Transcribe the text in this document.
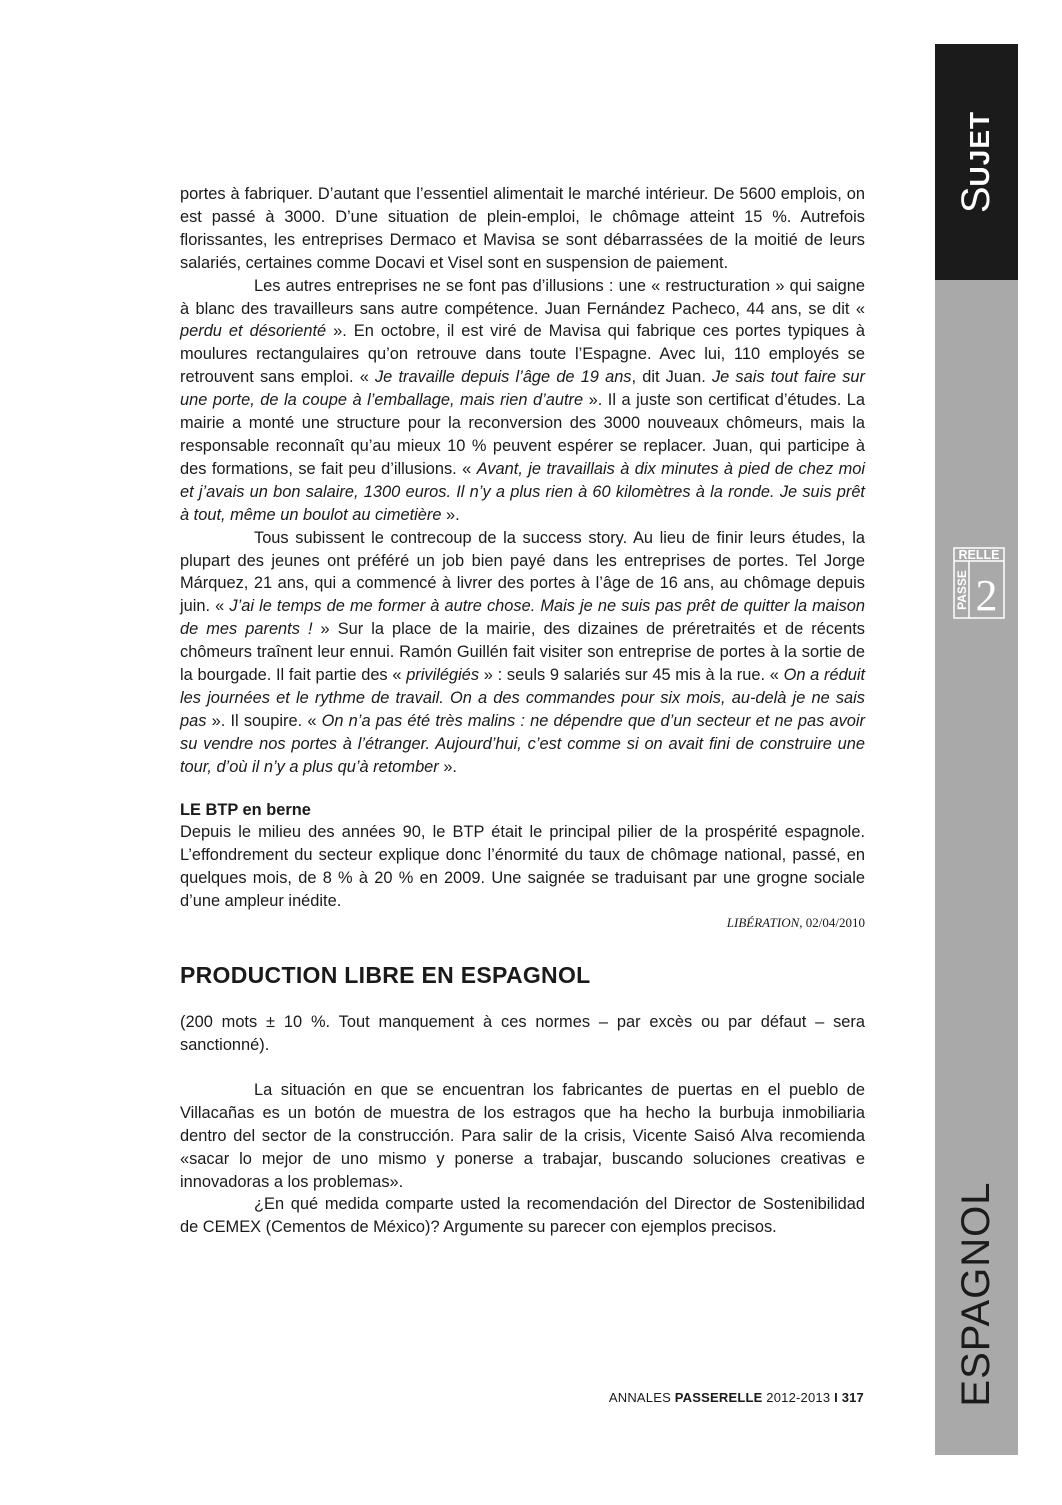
portes à fabriquer. D’autant que l’essentiel alimentait le marché intérieur. De 5600 emplois, on est passé à 3000. D’une situation de plein-emploi, le chômage atteint 15 %. Autrefois florissantes, les entreprises Dermaco et Mavisa se sont débarrassées de la moitié de leurs salariés, certaines comme Docavi et Visel sont en suspension de paiement.

Les autres entreprises ne se font pas d’illusions : une « restructuration » qui saigne à blanc des travailleurs sans autre compétence. Juan Fernández Pacheco, 44 ans, se dit « perdu et désorienté ». En octobre, il est viré de Mavisa qui fabrique ces portes typiques à moulures rectangulaires qu’on retrouve dans toute l’Espagne. Avec lui, 110 employés se retrouvent sans emploi. « Je travaille depuis l’âge de 19 ans, dit Juan. Je sais tout faire sur une porte, de la coupe à l’emballage, mais rien d’autre ». Il a juste son certificat d’études. La mairie a monté une structure pour la reconversion des 3000 nouveaux chômeurs, mais la responsable reconnaît qu’au mieux 10 % peuvent espérer se replacer. Juan, qui participe à des formations, se fait peu d’illusions. « Avant, je travaillais à dix minutes à pied de chez moi et j’avais un bon salaire, 1300 euros. Il n’y a plus rien à 60 kilomètres à la ronde. Je suis prêt à tout, même un boulot au cimetière ».

Tous subissent le contrecoup de la success story. Au lieu de finir leurs études, la plupart des jeunes ont préféré un job bien payé dans les entreprises de portes. Tel Jorge Márquez, 21 ans, qui a commencé à livrer des portes à l’âge de 16 ans, au chômage depuis juin. « J’ai le temps de me former à autre chose. Mais je ne suis pas prêt de quitter la maison de mes parents ! » Sur la place de la mairie, des dizaines de préretraités et de récents chômeurs traînent leur ennui. Ramón Guillén fait visiter son entreprise de portes à la sortie de la bourgade. Il fait partie des « privilégiés » : seuls 9 salariés sur 45 mis à la rue. « On a réduit les journées et le rythme de travail. On a des commandes pour six mois, au-delà je ne sais pas ». Il soupire. « On n’a pas été très malins : ne dépendre que d’un secteur et ne pas avoir su vendre nos portes à l’étranger. Aujourd’hui, c’est comme si on avait fini de construire une tour, d’où il n’y a plus qu’à retomber ».

LE BTP en berne

Depuis le milieu des années 90, le BTP était le principal pilier de la prospérité espagnole. L’effondrement du secteur explique donc l’énormité du taux de chômage national, passé, en quelques mois, de 8 % à 20 % en 2009. Une saignée se traduisant par une grogne sociale d’une ampleur inédite.

LIBÉRATION, 02/04/2010
PRODUCTION LIBRE EN ESPAGNOL

(200 mots ± 10 %. Tout manquement à ces normes – par excès ou par défaut – sera sanctionné).

La situación en que se encuentran los fabricantes de puertas en el pueblo de Villacañas es un botón de muestra de los estragos que ha hecho la burbuja inmobiliaria dentro del sector de la construcción. Para salir de la crisis, Vicente Saisó Alva recomienda «sacar lo mejor de uno mismo y ponerse a trabajar, buscando soluciones creativas e innovadoras a los problemas».

¿En qué medida comparte usted la recomendación del Director de Sostenibilidad de CEMEX (Cementos de México)? Argumente su parecer con ejemplos precisos.

SUJET
RELLE
PASSE 2
ESPAGNOL
ANNALES PASSERELLE 2012-2013 I 317
